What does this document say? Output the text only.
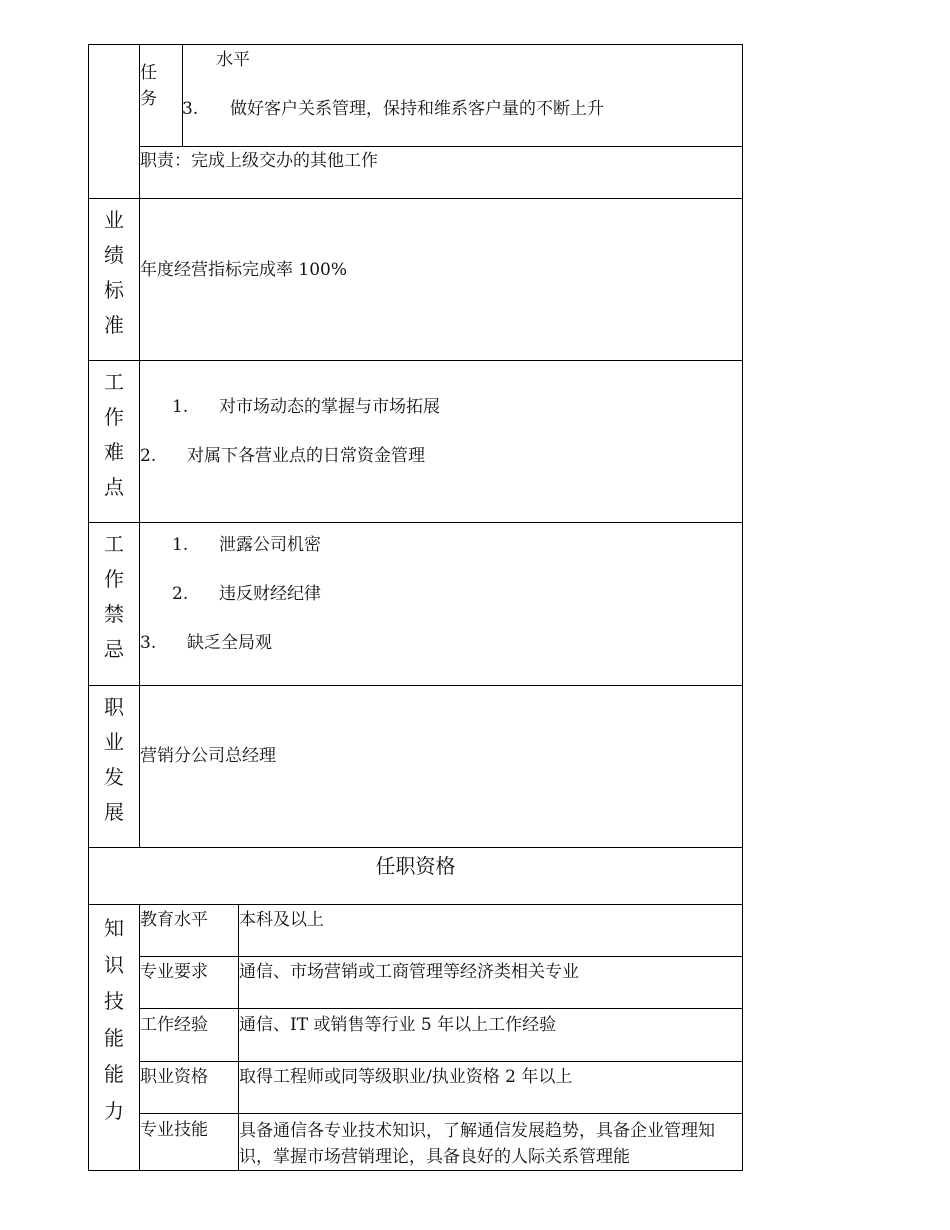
任
务
水平
3. 做好客户关系管理，保持和维系客户量的不断上升
职责：完成上级交办的其他工作
业
绩
标
准
年度经营指标完成率 100%
工
作
难
点
1. 对市场动态的掌握与市场拓展
2. 对属下各营业点的日常资金管理
工
作
禁
忌
1. 泄露公司机密
2. 违反财经纪律
3. 缺乏全局观
职
业
发
展
营销分公司总经理
任职资格
知
识
技
能
能
力
教育水平 本科及以上
专业要求 通信、市场营销或工商管理等经济类相关专业
工作经验 通信、IT 或销售等行业 5 年以上工作经验
职业资格 取得工程师或同等级职业/执业资格 2 年以上
专业技能 具备通信各专业技术知识，了解通信发展趋势，具备企业管理知识，掌握市场营销理论，具备良好的人际关系管理能
